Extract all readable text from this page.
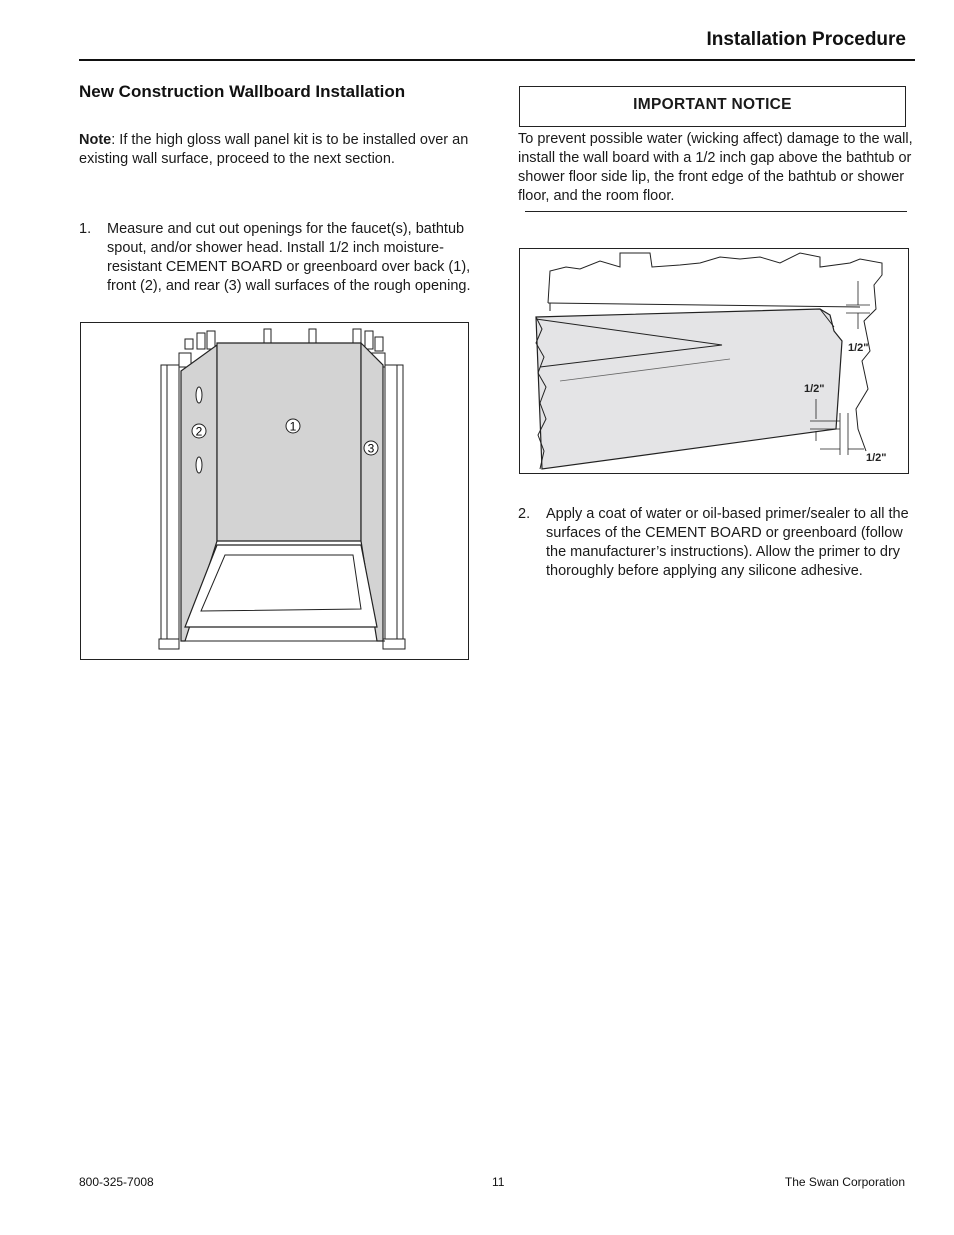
Installation Procedure
New Construction Wallboard Installation
Note: If the high gloss wall panel kit is to be installed over an existing wall surface, proceed to the next section.
1. Measure and cut out openings for the faucet(s), bathtub spout, and/or shower head. Install 1/2 inch moisture-resistant CEMENT BOARD or greenboard over back (1), front (2), and rear (3) wall surfaces of the rough opening.
1
2
3
IMPORTANT NOTICE
To prevent possible water (wicking affect) damage to the wall, install the wall board with a 1/2 inch gap above the bathtub or shower floor side lip, the front edge of the bathtub or shower floor, and the room floor.
1/2"
1/2"
1/2"
2. Apply a coat of water or oil-based primer/sealer to all the surfaces of the CEMENT BOARD or greenboard (follow the manufacturer’s instructions). Allow the primer to dry thoroughly before applying any silicone adhesive.
800-325-7008	11	The Swan Corporation
